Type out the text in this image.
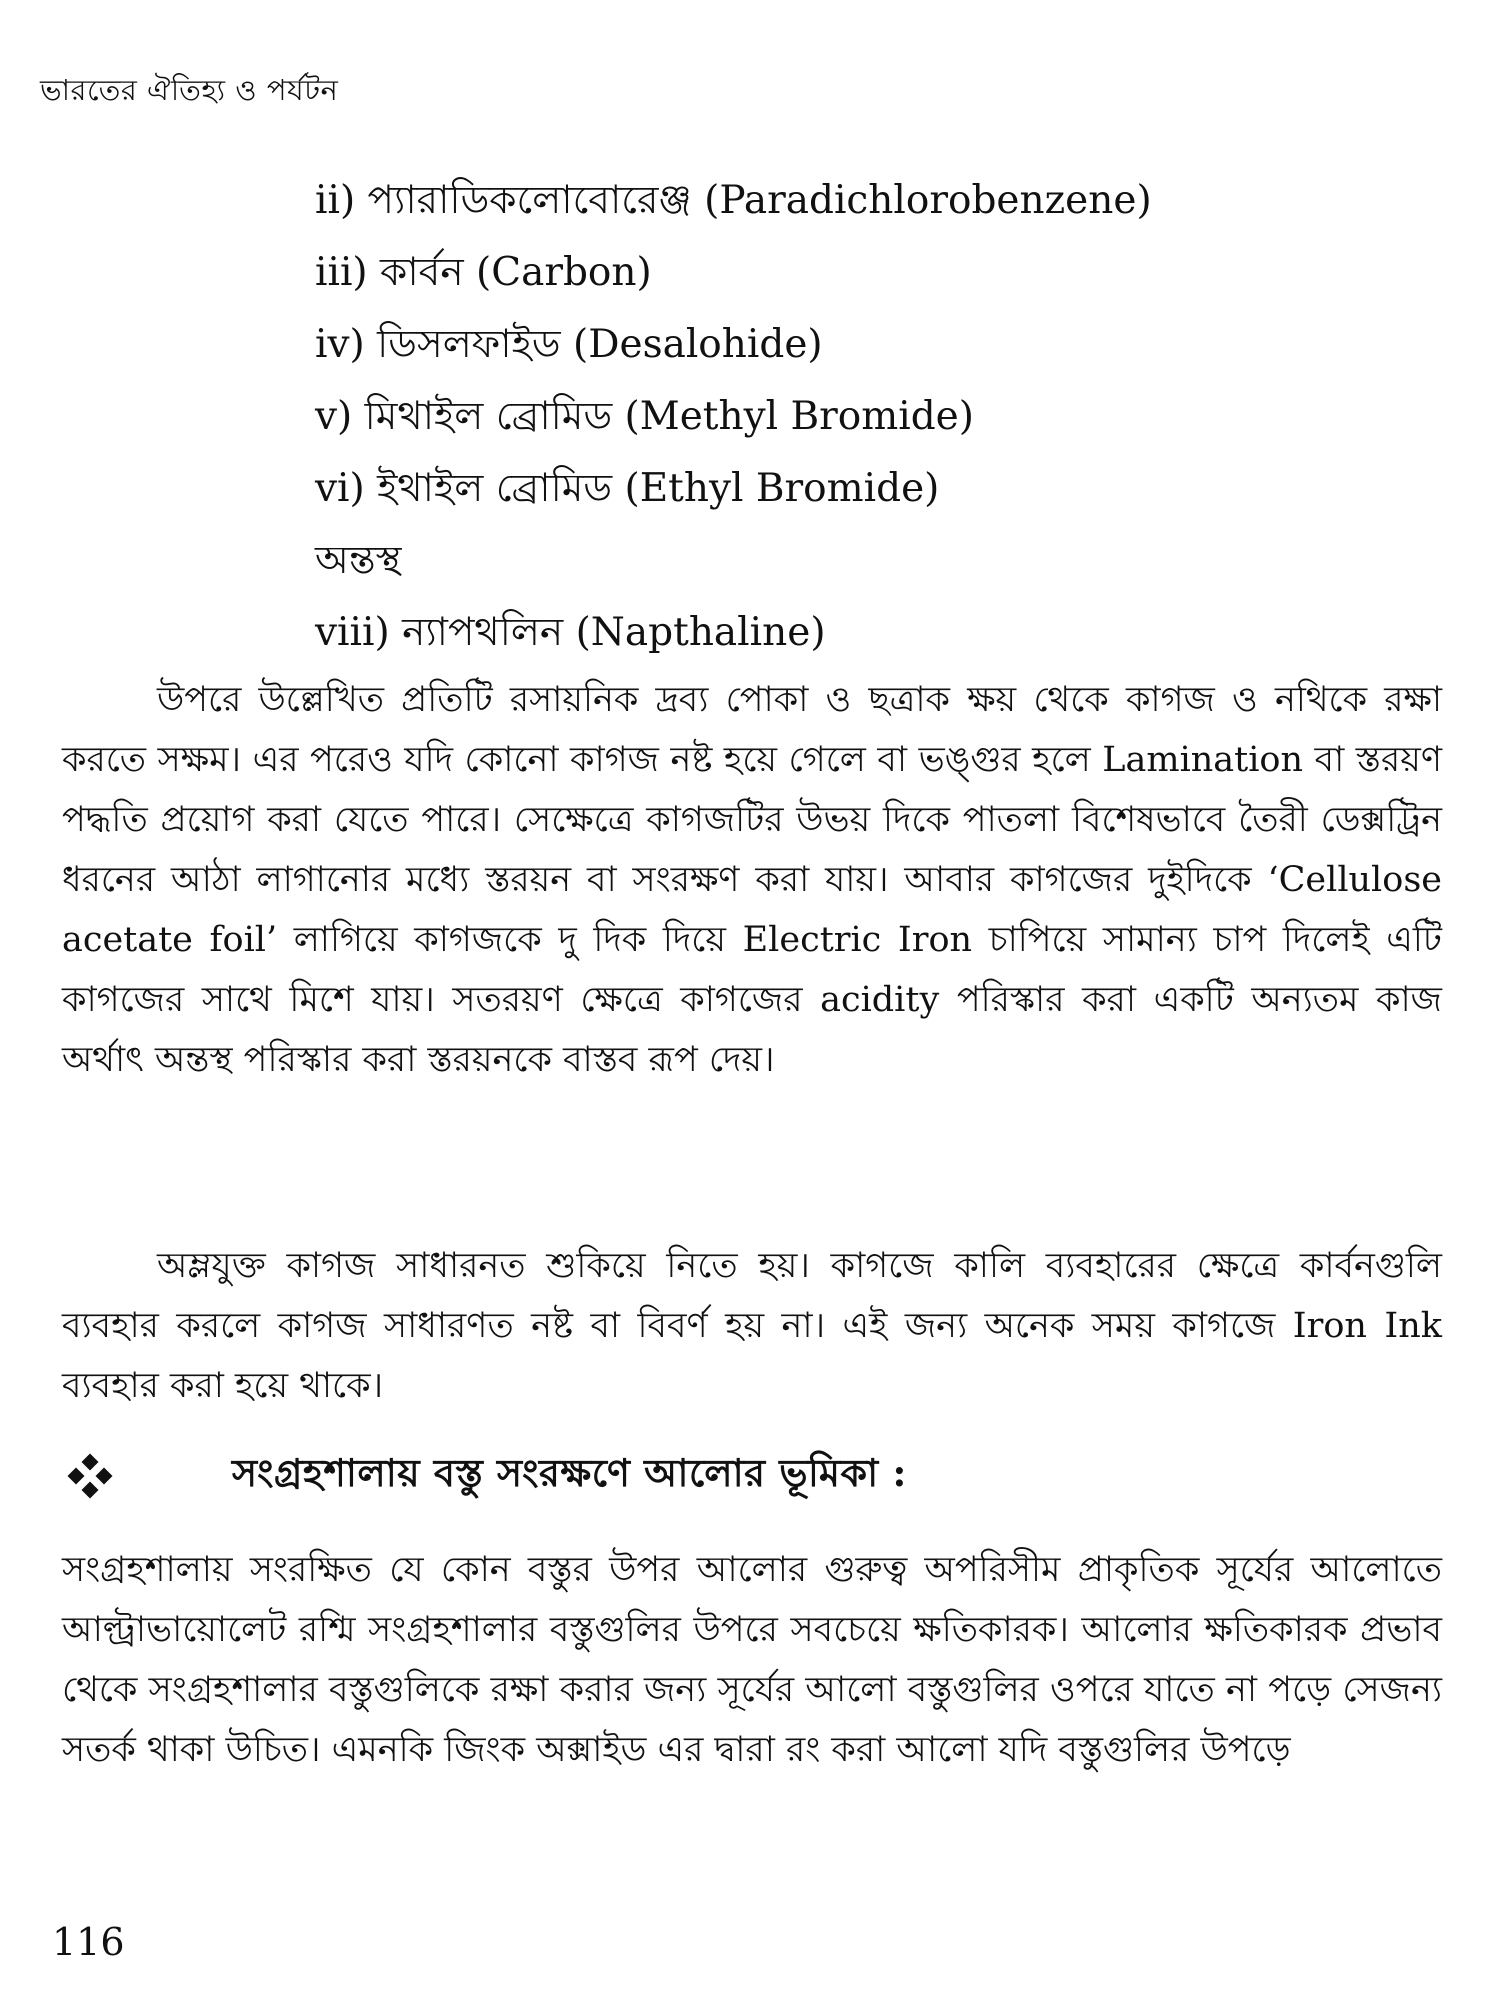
ভারতের ঐতিহ্য ও পর্যটন
ii) প্যারাডিকলোবোরেঞ্জ (Paradichlorobenzene)
iii) কার্বন (Carbon)
iv) ডিসলফাইড (Desalohide)
v) মিথাইল ব্রোমিড (Methyl Bromide)
vi) ইথাইল ব্রোমিড (Ethyl Bromide)
অন্তস্থ
viii) ন্যাপথলিন (Napthaline)

উপরে উল্লেখিত প্রতিটি রসায়নিক দ্রব্য পোকা ও ছত্রাক ক্ষয় থেকে কাগজ ও নথিকে রক্ষা করতে সক্ষম। এর পরেও যদি কোনো কাগজ নষ্ট হয়ে গেলে বা ভঙ্গুর হলে Lamination বা স্তরয়ণ পদ্ধতি প্রয়োগ করা যেতে পারে। সেক্ষেত্রে কাগজটির উভয় দিকে পাতলা বিশেষভাবে তৈরী ডেক্সট্রিন ধরনের আঠা লাগানোর মধ্যে স্তরয়ন বা সংরক্ষণ করা যায়। আবার কাগজের দুইদিকে ‘Cellulose acetate foil’ লাগিয়ে কাগজকে দু দিক দিয়ে Electric Iron চাপিয়ে সামান্য চাপ দিলেই এটি কাগজের সাথে মিশে যায়। সতরয়ণ ক্ষেত্রে কাগজের acidity পরিস্কার করা একটি অন্যতম কাজ অর্থাৎ অন্তস্থ পরিস্কার করা স্তরয়নকে বাস্তব রূপ দেয়।

অম্লযুক্ত কাগজ সাধারনত শুকিয়ে নিতে হয়। কাগজে কালি ব্যবহারের ক্ষেত্রে কার্বনগুলি ব্যবহার করলে কাগজ সাধারণত নষ্ট বা বিবর্ণ হয় না। এই জন্য অনেক সময় কাগজে Iron Ink ব্যবহার করা হয়ে থাকে।

সংগ্রহশালায় বস্তু সংরক্ষণে আলোর ভূমিকা :

সংগ্রহশালায় সংরক্ষিত যে কোন বস্তুর উপর আলোর গুরুত্ব অপরিসীম প্রাকৃতিক সূর্যের আলোতে আল্ট্রাভায়োলেট রশ্মি সংগ্রহশালার বস্তুগুলির উপরে সবচেয়ে ক্ষতিকারক। আলোর ক্ষতিকারক প্রভাব থেকে সংগ্রহশালার বস্তুগুলিকে রক্ষা করার জন্য সূর্যের আলো বস্তুগুলির ওপরে যাতে না পড়ে সেজন্য সতর্ক থাকা উচিত। এমনকি জিংক অক্সাইড এর দ্বারা রং করা আলো যদি বস্তুগুলির উপড়ে

116
